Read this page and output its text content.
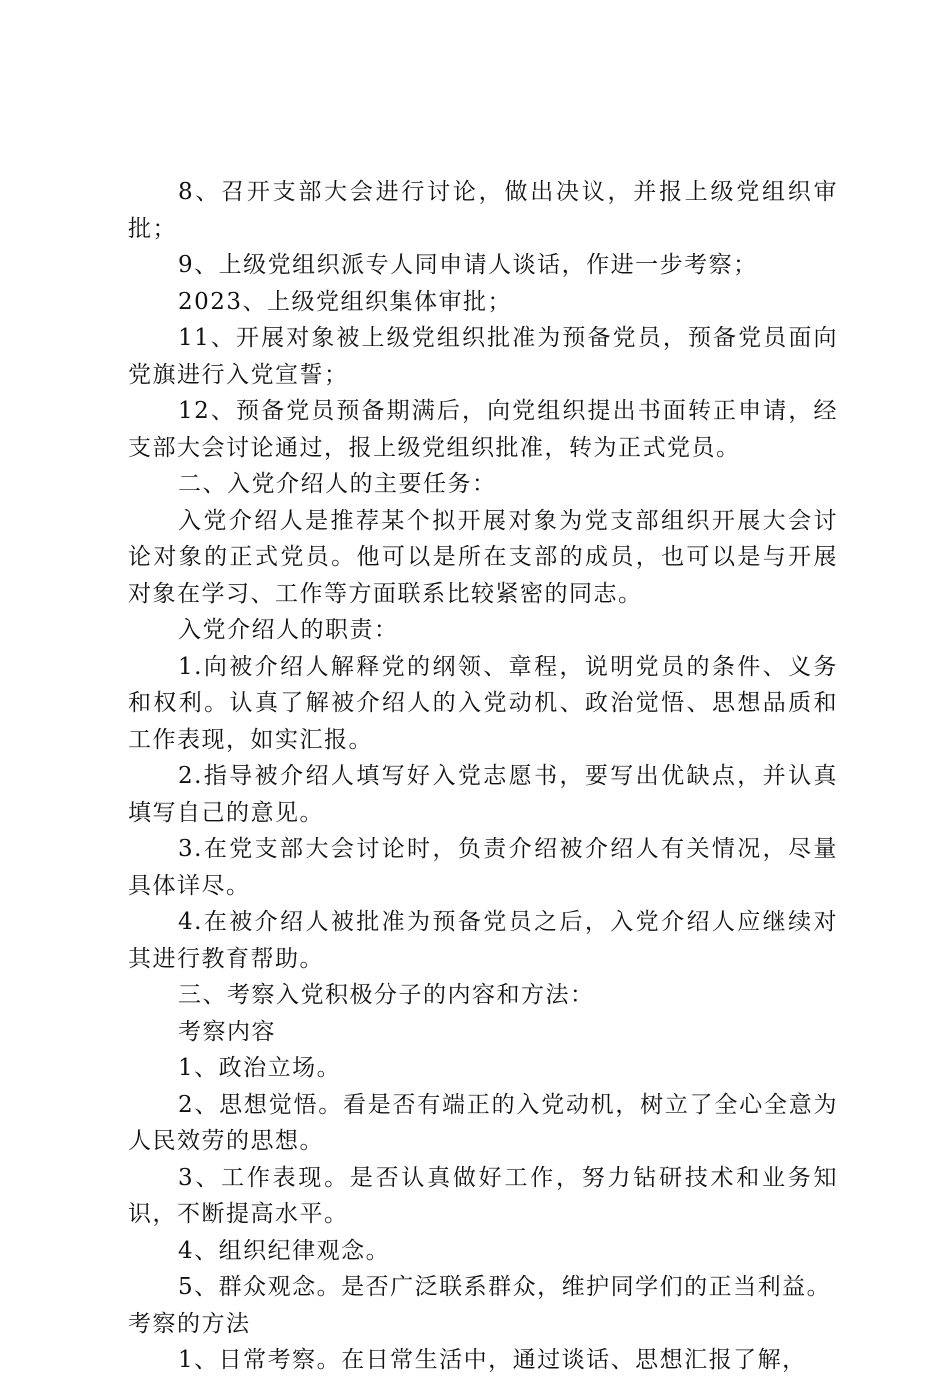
8、召开支部大会进行讨论，做出决议，并报上级党组织审批；

9、上级党组织派专人同申请人谈话，作进一步考察；

2023、上级党组织集体审批；

11、开展对象被上级党组织批准为预备党员，预备党员面向党旗进行入党宣誓；

12、预备党员预备期满后，向党组织提出书面转正申请，经支部大会讨论通过，报上级党组织批准，转为正式党员。

二、入党介绍人的主要任务：

入党介绍人是推荐某个拟开展对象为党支部组织开展大会讨论对象的正式党员。他可以是所在支部的成员，也可以是与开展对象在学习、工作等方面联系比较紧密的同志。

入党介绍人的职责：

1.向被介绍人解释党的纲领、章程，说明党员的条件、义务和权利。认真了解被介绍人的入党动机、政治觉悟、思想品质和工作表现，如实汇报。

2.指导被介绍人填写好入党志愿书，要写出优缺点，并认真填写自己的意见。

3.在党支部大会讨论时，负责介绍被介绍人有关情况，尽量具体详尽。

4.在被介绍人被批准为预备党员之后，入党介绍人应继续对其进行教育帮助。

三、考察入党积极分子的内容和方法：

考察内容

1、政治立场。

2、思想觉悟。看是否有端正的入党动机，树立了全心全意为人民效劳的思想。

3、工作表现。是否认真做好工作，努力钻研技术和业务知识，不断提高水平。

4、组织纪律观念。

5、群众观念。是否广泛联系群众，维护同学们的正当利益。

考察的方法

1、日常考察。在日常生活中，通过谈话、思想汇报了解，
